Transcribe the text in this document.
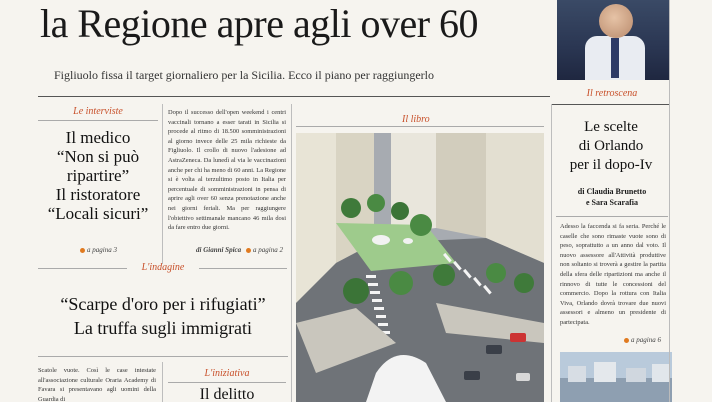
la Regione apre agli over 60
Figliuolo fissa il target giornaliero per la Sicilia. Ecco il piano per raggiungerlo
Le interviste
Il medico
“Non si può
ripartire”
Il ristoratore
“Locali sicuri”
a pagina 3
Dopo il successo dell'open weekend i centri vaccinali tornano a esser tarati in Sicilia si procede al ritmo di 18.500 somministrazioni al giorno invece delle 25 mila richieste da Figliuolo. Il crollo di nuovo l'adesione ad AstraZeneca. Da lunedì al via le vaccinazioni anche per chi ha meno di 60 anni. La Regione si è volta al terzultimo posto in Italia per percentuale di somministrazioni in pensa di aprire agli over 60 senza prenotazione anche nei giorni feriali. Ma per raggiungere l'obiettivo settimanale mancano 46 mila dosi da fare entro due giorni.
di Gianni Spica	a pagina 2
Il libro
L'indagine
“Scarpe d'oro per i rifugiati”
La truffa sugli immigrati
Scatole vuote. Così le case intestate all'associazione culturale Oraria Academy di Favara si presentavano agli uomini della Guardia di
L'iniziativa
Il delitto
Il retroscena
Le scelte
di Orlando
per il dopo-Iv
di Claudia Brunetto
e Sara Scarafia
Adesso la faccenda si fa seria. Perché le caselle che sono rimaste vuote sono di peso, soprattutto a un anno dal voto. Il nuovo assessore all'Attività produttive non soltanto si troverà a gestire la partita della sfera delle ripartizioni ma anche il rinnovo di tutte le concessioni del commercio. Dopo la rottura con Italia Viva, Orlando dovrà trovare due nuovi assessori e almeno un presidente di partecipata.
a pagina 6
